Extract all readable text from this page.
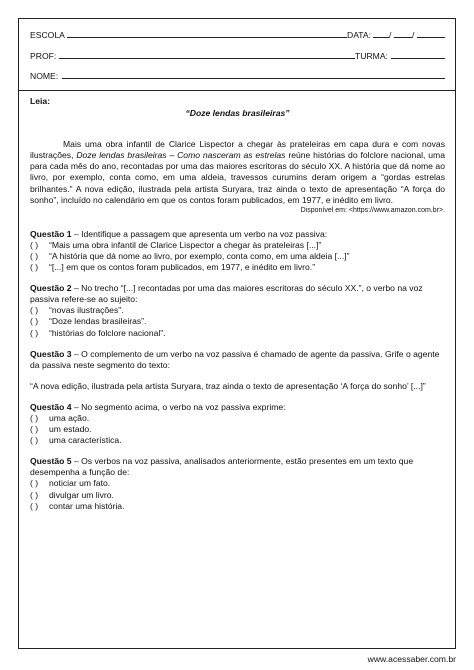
ESCOLA	DATA: / /
PROF:	TURMA:
NOME:

Leia:

“Doze lendas brasileiras”

Mais uma obra infantil de Clarice Lispector a chegar às prateleiras em capa dura e com novas ilustrações, Doze lendas brasileiras – Como nasceram as estrelas reúne histórias do folclore nacional, uma para cada mês do ano, recontadas por uma das maiores escritoras do século XX. A história que dá nome ao livro, por exemplo, conta como, em uma aldeia, travessos curumins deram origem a “gordas estrelas brilhantes.” A nova edição, ilustrada pela artista Suryara, traz ainda o texto de apresentação “A força do sonho”, incluído no calendário em que os contos foram publicados, em 1977, e inédito em livro.

Disponível em: <https://www.amazon.com.br>.

Questão 1 – Identifique a passagem que apresenta um verbo na voz passiva:

( ) “Mais uma obra infantil de Clarice Lispector a chegar às prateleiras [...]”

( ) “A história que dá nome ao livro, por exemplo, conta como, em uma aldeia [...]”

( ) “[...] em que os contos foram publicados, em 1977, e inédito em livro.”

Questão 2 – No trecho “[...] recontadas por uma das maiores escritoras do século XX.”, o verbo na voz passiva refere-se ao sujeito:

( ) “novas ilustrações”.

( ) “Doze lendas brasileiras”.

( ) “histórias do folclore nacional”.

Questão 3 – O complemento de um verbo na voz passiva é chamado de agente da passiva. Grife o agente da passiva neste segmento do texto:

“A nova edição, ilustrada pela artista Suryara, traz ainda o texto de apresentação ‘A força do sonho’ [...]”

Questão 4 – No segmento acima, o verbo na voz passiva exprime:

( ) uma ação.

( ) um estado.

( ) uma característica.

Questão 5 – Os verbos na voz passiva, analisados anteriormente, estão presentes em um texto que desempenha a função de:

( ) noticiar um fato.

( ) divulgar um livro.

( ) contar uma história.

www.acessaber.com.br
